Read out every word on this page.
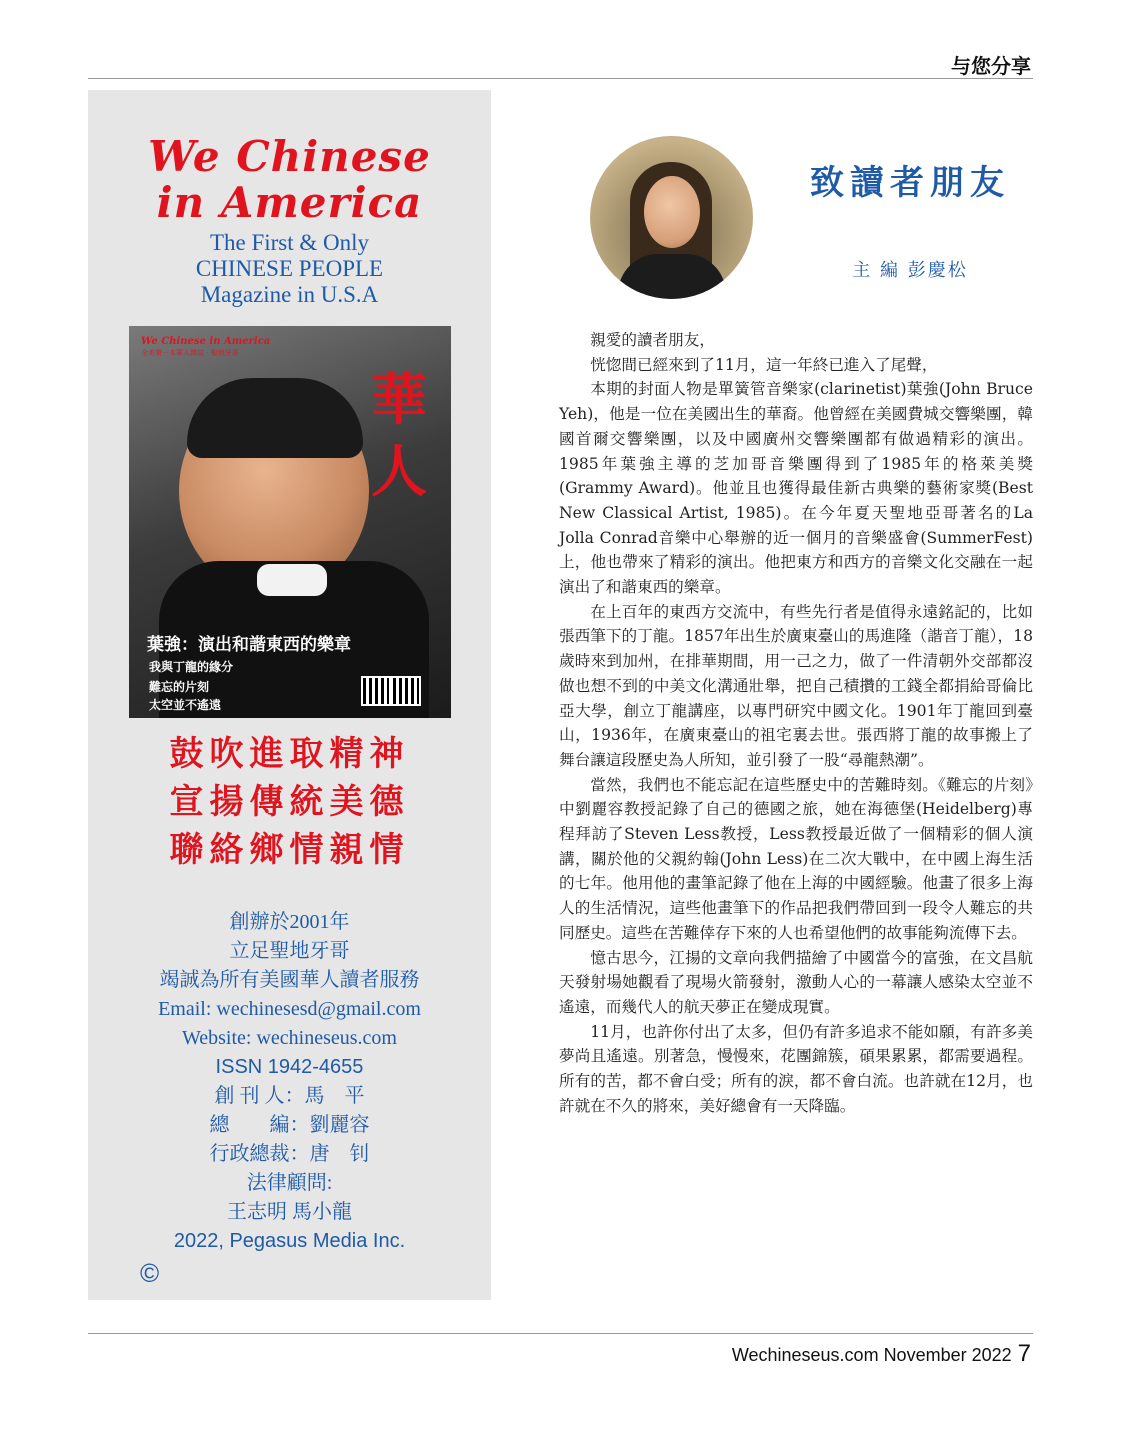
与您分享
We Chinese
in America
The First & Only
CHINESE PEOPLE
Magazine in U.S.A
We Chinese in America
全美第一本華人雜誌 · 聖地牙哥
華
人
葉強：演出和諧東西的樂章
我與丁龍的緣分
難忘的片刻
太空並不遙遠
鼓吹進取精神
宣揚傳統美德
聯絡鄉情親情
創辦於2001年
立足聖地牙哥
竭誠為所有美國華人讀者服務
Email: wechinesesd@gmail.com
Website: wechineseus.com
ISSN 1942-4655
創 刊 人：馬　平
總　　編：劉麗容
行政總裁：唐　钊
法律顧問:
王志明 馬小龍
2022, Pegasus Media Inc.
©
致讀者朋友
主 編 彭慶松

親愛的讀者朋友，

恍惚間已經來到了11月，這一年終已進入了尾聲，

本期的封面人物是單簧管音樂家(clarinetist)葉強(John Bruce Yeh)，他是一位在美國出生的華裔。他曾經在美國費城交響樂團，韓國首爾交響樂團，以及中國廣州交響樂團都有做過精彩的演出。1985年葉強主導的芝加哥音樂團得到了1985年的格萊美獎(Grammy Award)。他並且也獲得最佳新古典樂的藝術家獎(Best New Classical Artist, 1985)。在今年夏天聖地亞哥著名的La Jolla Conrad音樂中心舉辦的近一個月的音樂盛會(SummerFest)上，他也帶來了精彩的演出。他把東方和西方的音樂文化交融在一起演出了和諧東西的樂章。

在上百年的東西方交流中，有些先行者是值得永遠銘記的，比如張西筆下的丁龍。1857年出生於廣東臺山的馬進隆（諧音丁龍），18歲時來到加州，在排華期間，用一己之力，做了一件清朝外交部都沒做也想不到的中美文化溝通壯舉，把自己積攢的工錢全都捐給哥倫比亞大學，創立丁龍講座，以專門研究中國文化。1901年丁龍回到臺山，1936年，在廣東臺山的祖宅裏去世。張西將丁龍的故事搬上了舞台讓這段歷史為人所知，並引發了一股“尋龍熱潮”。

當然，我們也不能忘記在這些歷史中的苦難時刻。《難忘的片刻》中劉麗容教授記錄了自己的德國之旅，她在海德堡(Heidelberg)專程拜訪了Steven Less教授，Less教授最近做了一個精彩的個人演講，關於他的父親約翰(John Less)在二次大戰中，在中國上海生活的七年。他用他的畫筆記錄了他在上海的中國經驗。他畫了很多上海人的生活情況，這些他畫筆下的作品把我們帶回到一段令人難忘的共同歷史。這些在苦難倖存下來的人也希望他們的故事能夠流傳下去。

憶古思今，江揚的文章向我們描繪了中國當今的富強，在文昌航天發射場她觀看了現場火箭發射，激動人心的一幕讓人感染太空並不遙遠，而幾代人的航天夢正在變成現實。

11月，也許你付出了太多，但仍有許多追求不能如願，有許多美夢尚且遙遠。別著急，慢慢來，花團錦簇，碩果累累，都需要過程。所有的苦，都不會白受；所有的淚，都不會白流。也許就在12月，也許就在不久的將來，美好總會有一天降臨。

Wechineseus.com November 2022 7
